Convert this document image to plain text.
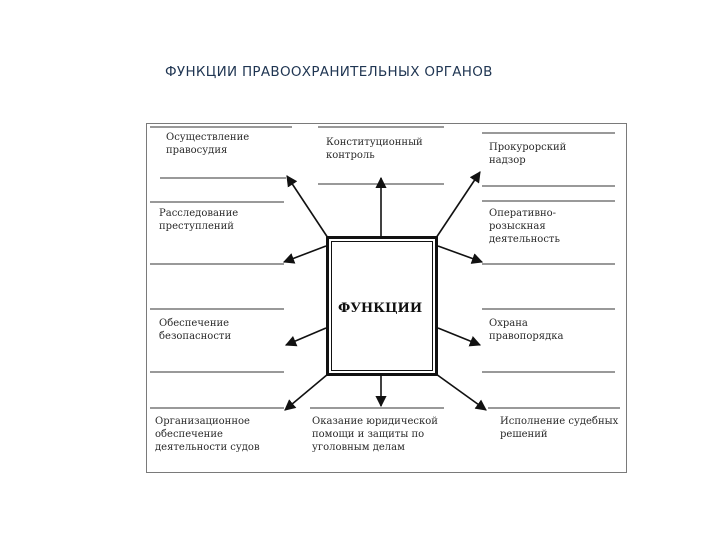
ФУНКЦИИ ПРАВООХРАНИТЕЛЬНЫХ ОРГАНОВ
ФУНКЦИИ
Осуществление
правосудия
Конституционный
контроль
Прокурорский
надзор
Расследование
преступлений
Оперативно-
розыскная
деятельность
Обеспечение
безопасности
Охрана
правопорядка
Организационное
обеспечение
деятельности судов
Оказание юридической
помощи и защиты по
уголовным делам
Исполнение судебных
решений
